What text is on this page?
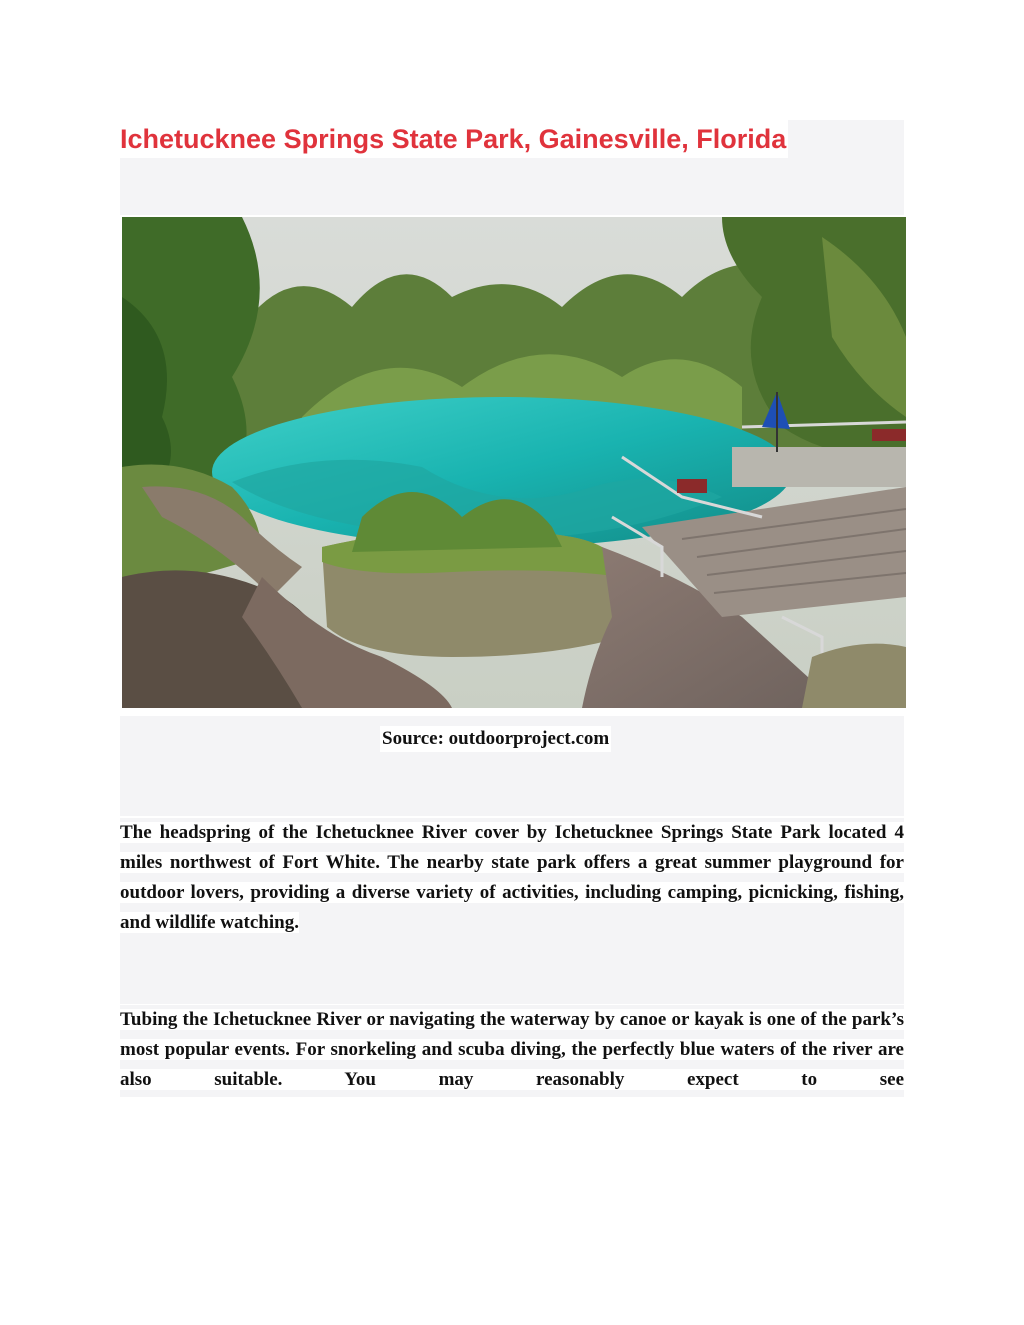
Ichetucknee Springs State Park, Gainesville, Florida
Source: outdoorproject.com

The headspring of the Ichetucknee River cover by Ichetucknee Springs State Park located 4 miles northwest of Fort White. The nearby state park offers a great summer playground for outdoor lovers, providing a diverse variety of activities, including camping, picnicking, fishing, and wildlife watching.

Tubing the Ichetucknee River or navigating the waterway by canoe or kayak is one of the park’s most popular events. For snorkeling and scuba diving, the perfectly blue waters of the river are also suitable. You may reasonably expect to see
